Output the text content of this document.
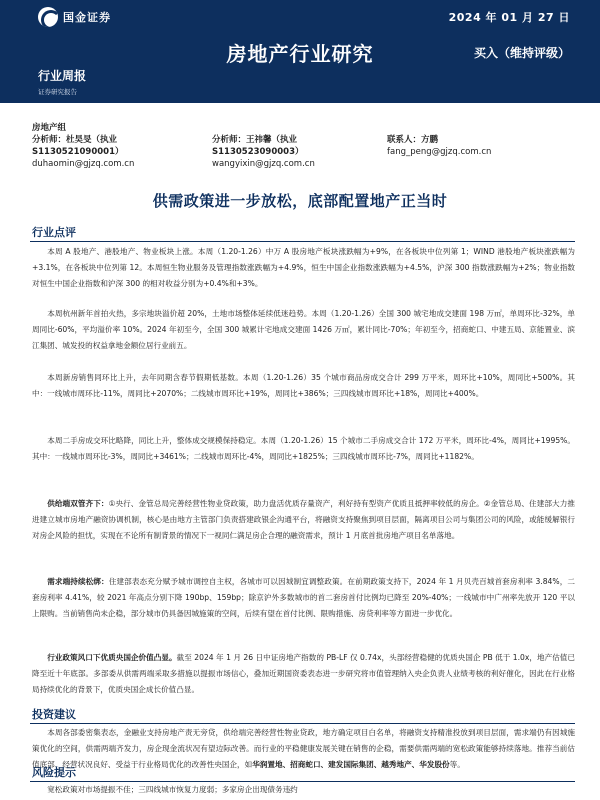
国金证券	2024 年 01 月 27 日
房地产行业研究	买入（维持评级）
行业周报
证券研究报告
房地产组
分析师：杜昊旻（执业
S1130521090001）
duhaomin@gjzq.com.cn
分析师：王祎馨（执业
S1130523090003）
wangyixin@gjzq.com.cn
联系人：方鹏
fang_peng@gjzq.com.cn
供需政策进一步放松，底部配置地产正当时
行业点评
本周 A 股地产、港股地产、物业板块上涨。本周（1.20-1.26）中万 A 股房地产板块涨跌幅为+9%，在各板块中位列第 1；WIND 港股地产板块涨跌幅为+3.1%，在各板块中位列第 12。本周恒生物业服务及管理指数涨跌幅为+4.9%，恒生中国企业指数涨跌幅为+4.5%，沪深 300 指数涨跌幅为+2%；物业指数对恒生中国企业指数和沪深 300 的相对收益分别为+0.4%和+3%。
本周杭州新年首拍火热，多宗地块溢价超 20%，土地市场整体延续低迷趋势。本周（1.20-1.26）全国 300 城宅地成交建面 198 万㎡，单周环比-32%，单周同比-60%，平均溢价率 10%。2024 年初至今，全国 300 城累计宅地成交建面 1426 万㎡，累计同比-70%；年初至今，招商蛇口、中建五局、京能置业、滨江集团、城发投的权益拿地金额位居行业前五。
本周新房销售同环比上升，去年同期含春节假期低基数。本周（1.20-1.26）35 个城市商品房成交合计 299 万平米，周环比+10%，周同比+500%。其中：一线城市周环比-11%，周同比+2070%；二线城市周环比+19%，周同比+386%；三四线城市周环比+18%，周同比+400%。
本周二手房成交环比略降，同比上升，整体成交规模保持稳定。本周（1.20-1.26）15 个城市二手房成交合计 172 万平米，周环比-4%，周同比+1995%。其中：一线城市周环比-3%，周同比+3461%；二线城市周环比-4%，周同比+1825%；三四线城市周环比-7%，周同比+1182%。
供给端双管齐下：①央行、金管总局完善经营性物业贷政策，助力盘活优质存量资产，利好持有型资产优质且抵押率较低的房企。②金管总局、住建部大力推进建立城市房地产融资协调机制，核心是由地方主管部门负责搭建政银企沟通平台，将融资支持聚焦到项目层面，隔离项目公司与集团公司的风险，或能缓解银行对房企风险的担忧，实现在不论所有制背景的情况下一视同仁满足房企合理的融资需求，预计 1 月底首批房地产项目名单落地。
需求端持续松绑：住建部表态充分赋予城市调控自主权，各城市可以因城制宜调整政策。在前期政策支持下，2024 年 1 月贝壳百城首套房利率 3.84%，二套房利率 4.41%，较 2021 年高点分别下降 190bp、159bp；除京沪外多数城市的首二套房首付比例均已降至 20%-40%；一线城市中广州率先放开 120 平以上限购。当前销售尚未企稳，部分城市仍具备因城施策的空间，后续有望在首付比例、限购措施、房贷利率等方面进一步优化。
行业政策风口下优质央国企价值凸显。截至 2024 年 1 月 26 日中证房地产指数的 PB-LF 仅 0.74x，头部经营稳健的优质央国企 PB 低于 1.0x，地产估值已降至近十年底部。多部委从供需两端采取多措施以提振市场信心，叠加近期国资委表态进一步研究将市值管理纳入央企负责人业绩考核的利好催化，因此在行业格局持续优化的背景下，优质央国企成长价值凸显。
投资建议
本周各部委密集表态，金融业支持房地产责无旁贷，供给端完善经营性物业贷政，地方确定项目白名单，将融资支持精准投放到项目层面，需求端仍有因城施策优化的空间，供需两端齐发力，房企现金流状况有望边际改善。而行业的平稳健康发展关键在销售的企稳，需要供需两端的宽松政策能够持续落地。推荐当前估值底部、经营状况良好、受益于行业格局优化的改善性央国企，如华润置地、招商蛇口、建发国际集团、越秀地产、华发股份等。
风险提示
宽松政策对市场提振不佳；三四线城市恢复力度弱；多家房企出现债务违约
